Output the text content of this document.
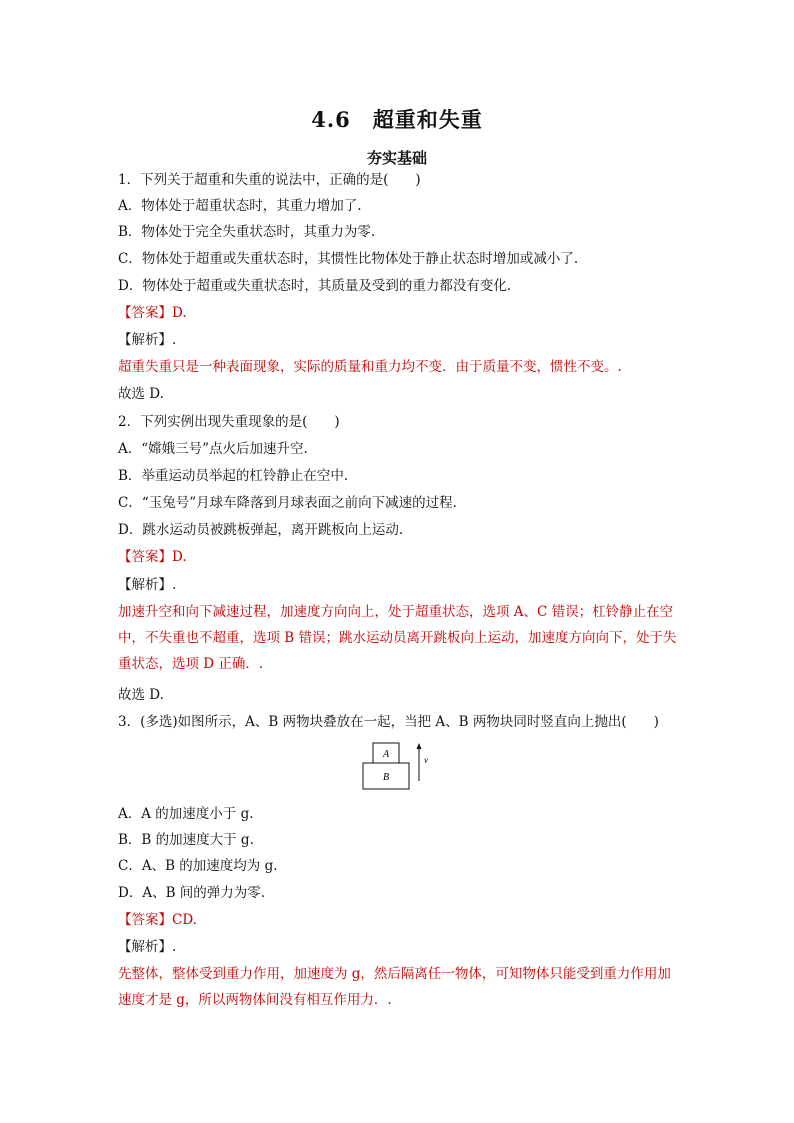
4.6　超重和失重
夯实基础
1．下列关于超重和失重的说法中，正确的是(　　)
A．物体处于超重状态时，其重力增加了.
B．物体处于完全失重状态时，其重力为零.
C．物体处于超重或失重状态时，其惯性比物体处于静止状态时增加或减小了.
D．物体处于超重或失重状态时，其质量及受到的重力都没有变化.
【答案】D.
【解析】.
超重失重只是一种表面现象，实际的质量和重力均不变．由于质量不变，惯性不变。.
故选 D.
2．下列实例出现失重现象的是(　　)
A．“嫦娥三号”点火后加速升空.
B．举重运动员举起的杠铃静止在空中.
C．“玉兔号”月球车降落到月球表面之前向下减速的过程.
D．跳水运动员被跳板弹起，离开跳板向上运动.
【答案】D.
【解析】.
加速升空和向下减速过程，加速度方向向上，处于超重状态，选项 A、C 错误；杠铃静止在空中，不失重也不超重，选项 B 错误；跳水运动员离开跳板向上运动，加速度方向向下，处于失重状态，选项 D 正确．.
故选 D.
3．(多选)如图所示，A、B 两物块叠放在一起，当把 A、B 两物块同时竖直向上抛出(　　)
A
B
v
A．A 的加速度小于 g.
B．B 的加速度大于 g.
C．A、B 的加速度均为 g.
D．A、B 间的弹力为零.
【答案】CD.
【解析】.
先整体，整体受到重力作用，加速度为 g，然后隔离任一物体，可知物体只能受到重力作用加速度才是 g，所以两物体间没有相互作用力．.
